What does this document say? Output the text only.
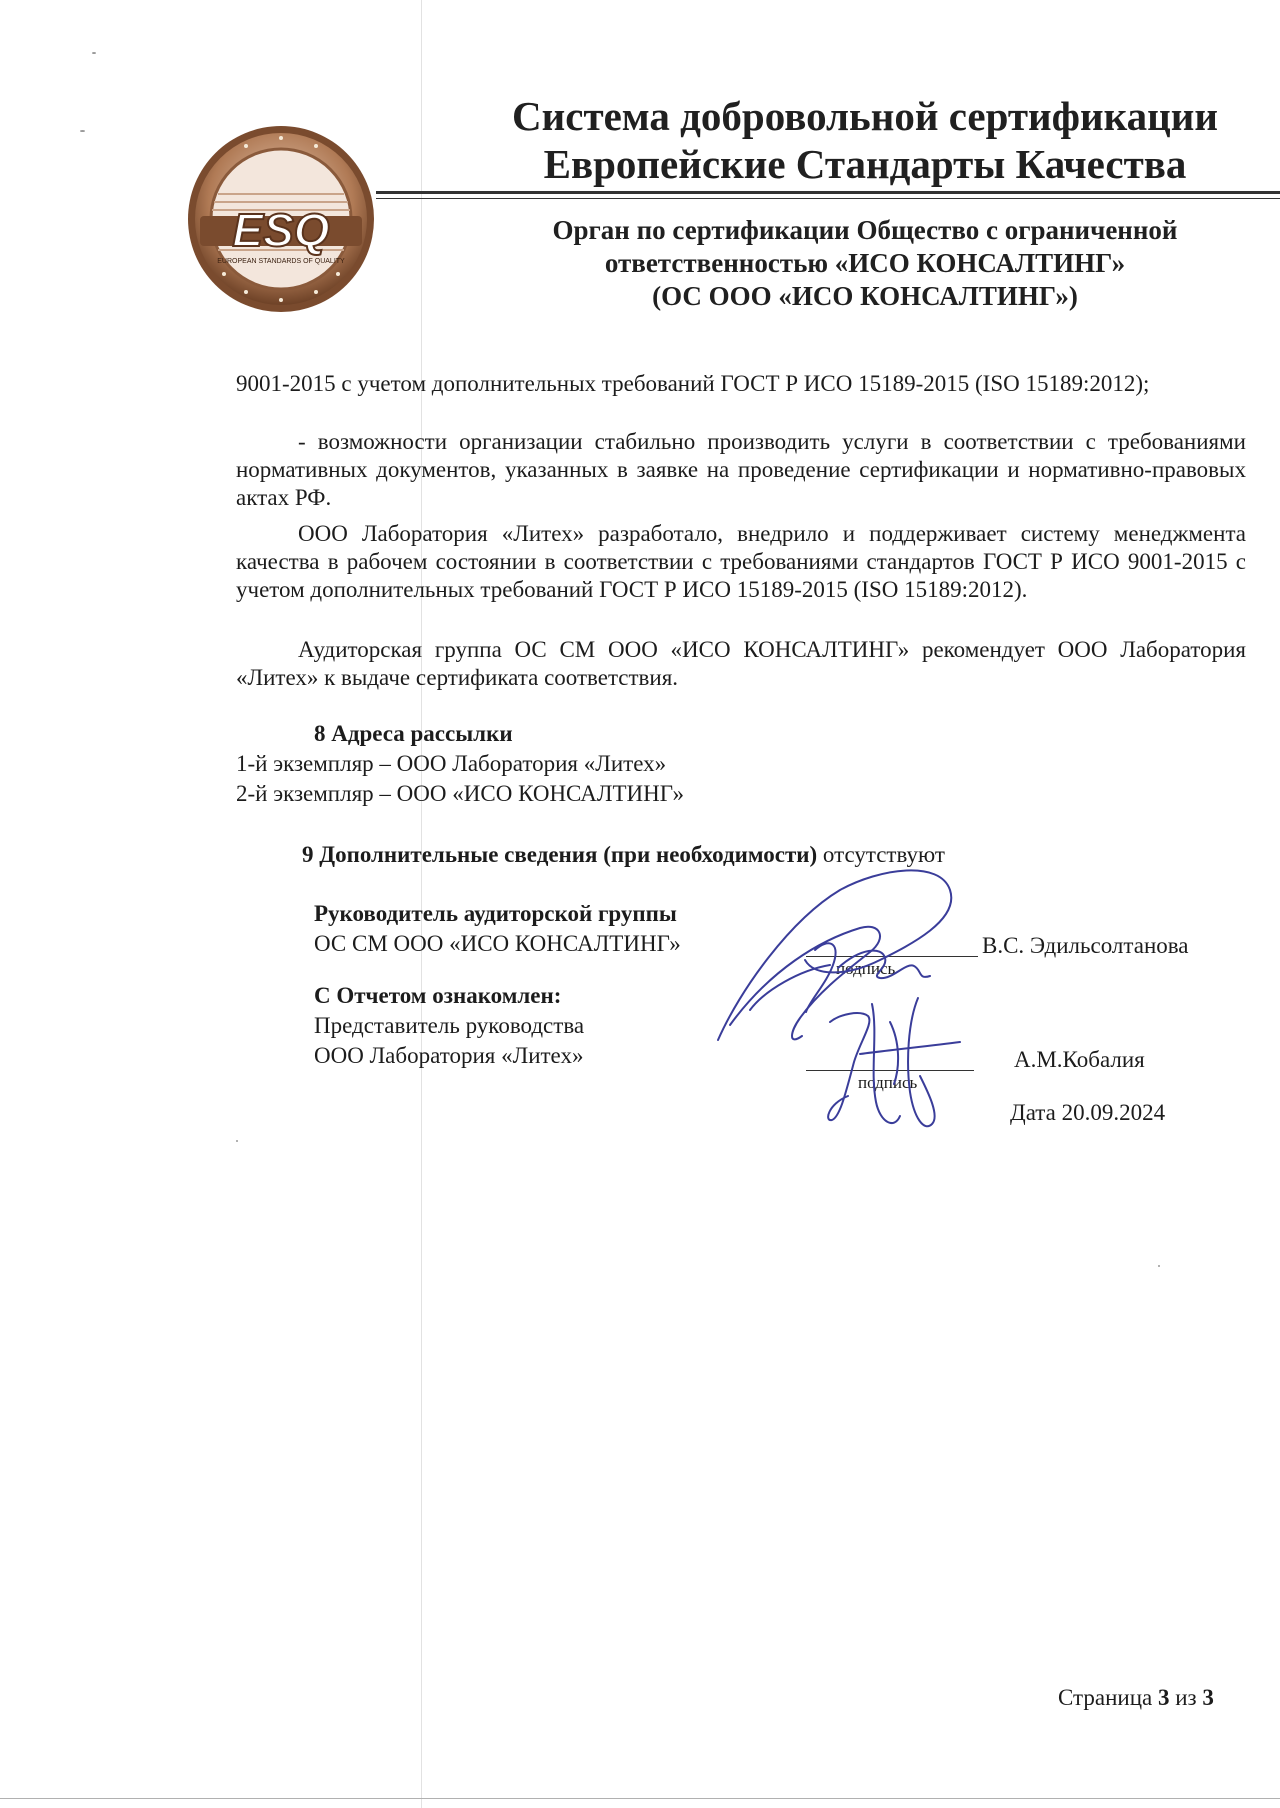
ESQ
EUROPEAN STANDARDS OF QUALITY
Система добровольной сертификации
Европейские Стандарты Качества
Орган по сертификации Общество с ограниченной
ответственностью «ИСО КОНСАЛТИНГ»
(ОС ООО «ИСО КОНСАЛТИНГ»)
9001-2015 с учетом дополнительных требований ГОСТ Р ИСО 15189-2015 (ISO 15189:2012);
- возможности организации стабильно производить услуги в соответствии с требованиями нормативных документов, указанных в заявке на проведение сертификации и нормативно-правовых актах РФ.
ООО Лаборатория «Литех» разработало, внедрило и поддерживает систему менеджмента качества в рабочем состоянии в соответствии с требованиями стандартов ГОСТ Р ИСО 9001-2015 с учетом дополнительных требований ГОСТ Р ИСО 15189-2015 (ISO 15189:2012).
Аудиторская группа ОС СМ ООО «ИСО КОНСАЛТИНГ» рекомендует ООО Лаборатория «Литех» к выдаче сертификата соответствия.
8 Адреса рассылки
1-й экземпляр – ООО Лаборатория «Литех»
2-й экземпляр – ООО «ИСО КОНСАЛТИНГ»
9 Дополнительные сведения (при необходимости) отсутствуют
Руководитель аудиторской группы
ОС СМ ООО «ИСО КОНСАЛТИНГ»
подпись
В.С. Эдильсолтанова
С Отчетом ознакомлен:
Представитель руководства
ООО Лаборатория «Литех»
подпись
А.М.Кобалия
Дата 20.09.2024
Страница 3 из 3
